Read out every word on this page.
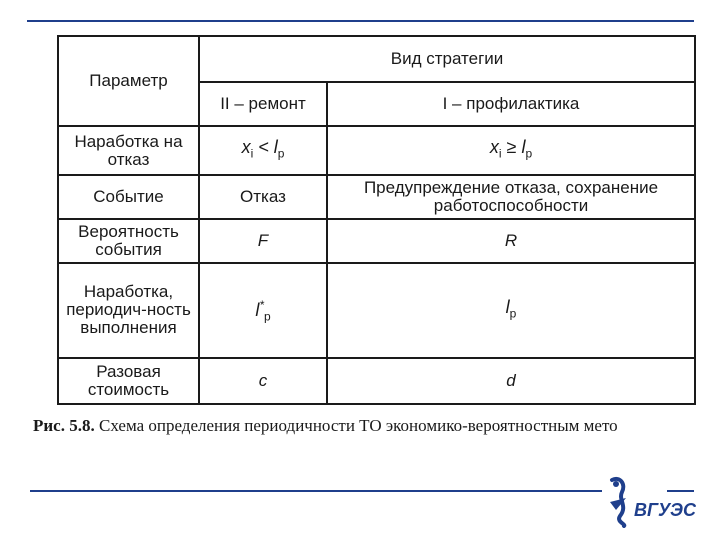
Параметр	Вид стратегии	
	II – ремонт	I – профилактика
Наработка на отказ	$x_i < l_p$	$x_i \ge l_p$
Событие	Отказ	Предупреждение отказа, сохранение работоспособности
Вероятность события	F	R
Наработка, периодич-ность выполнения	$l^*_p$	$l_p$
Разовая стоимость	c	d
Рис. 5.8. Схема определения периодичности ТО экономико-вероятностным мето
ВГУЭС
